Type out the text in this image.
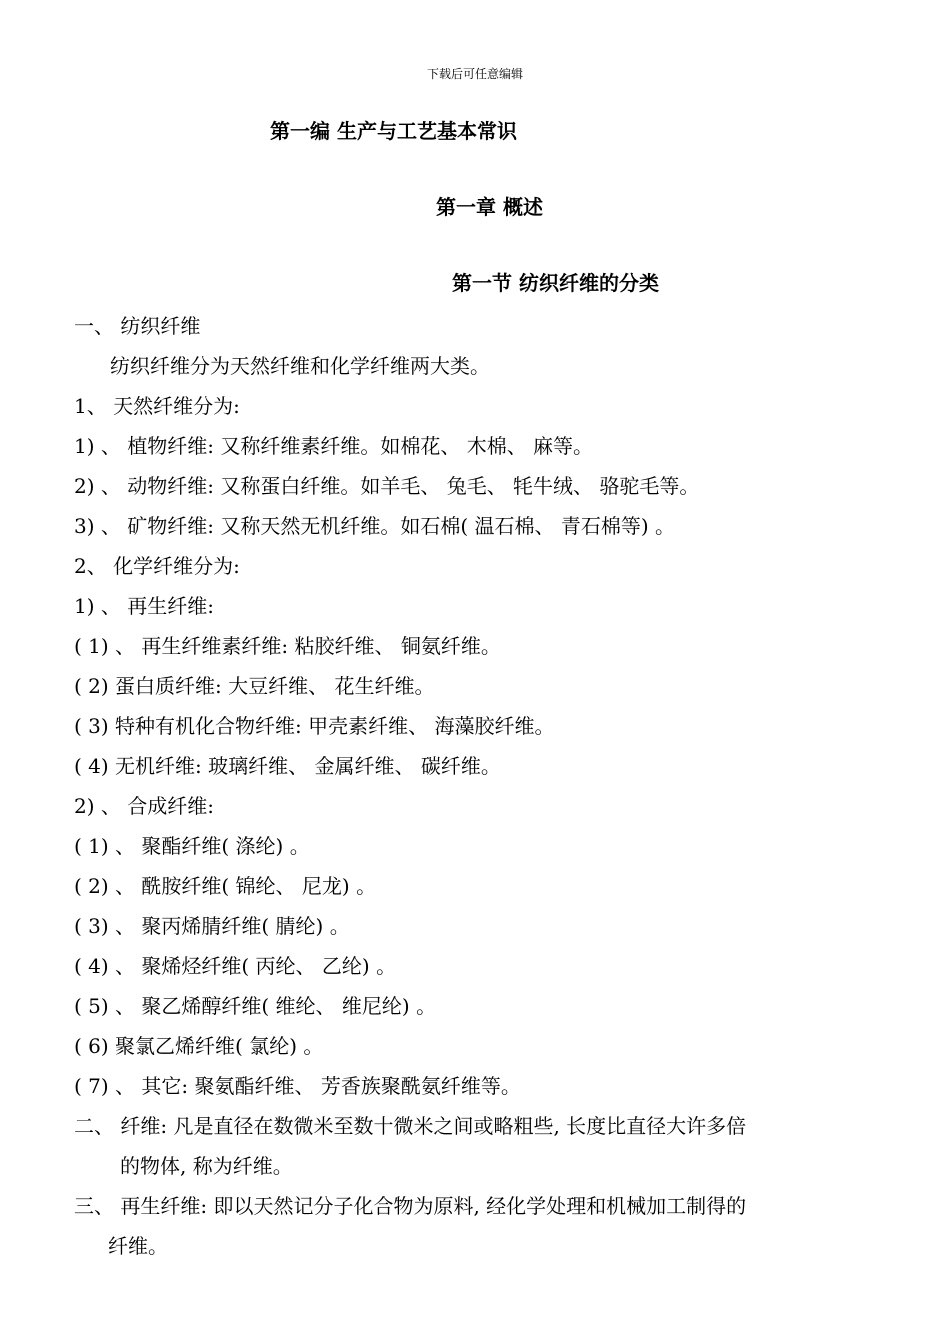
下载后可任意编辑
第一编 生产与工艺基本常识
第一章 概述
第一节 纺织纤维的分类
一、 纺织纤维
纺织纤维分为天然纤维和化学纤维两大类。
1、 天然纤维分为:
1) 、 植物纤维: 又称纤维素纤维。如棉花、 木棉、 麻等。
2) 、 动物纤维: 又称蛋白纤维。如羊毛、 兔毛、 牦牛绒、 骆驼毛等。
3) 、 矿物纤维: 又称天然无机纤维。如石棉( 温石棉、 青石棉等) 。
2、 化学纤维分为:
1) 、 再生纤维:
( 1) 、 再生纤维素纤维: 粘胶纤维、 铜氨纤维。
( 2) 蛋白质纤维: 大豆纤维、 花生纤维。
( 3) 特种有机化合物纤维: 甲壳素纤维、 海藻胶纤维。
( 4) 无机纤维: 玻璃纤维、 金属纤维、 碳纤维。
2) 、 合成纤维:
( 1) 、 聚酯纤维( 涤纶) 。
( 2) 、 酰胺纤维( 锦纶、 尼龙) 。
( 3) 、 聚丙烯腈纤维( 腈纶) 。
( 4) 、 聚烯烃纤维( 丙纶、 乙纶) 。
( 5) 、 聚乙烯醇纤维( 维纶、 维尼纶) 。
( 6) 聚氯乙烯纤维( 氯纶) 。
( 7) 、 其它: 聚氨酯纤维、 芳香族聚酰氨纤维等。
二、 纤维: 凡是直径在数微米至数十微米之间或略粗些, 长度比直径大许多倍
的物体, 称为纤维。
三、 再生纤维: 即以天然记分子化合物为原料, 经化学处理和机械加工制得的
纤维。
